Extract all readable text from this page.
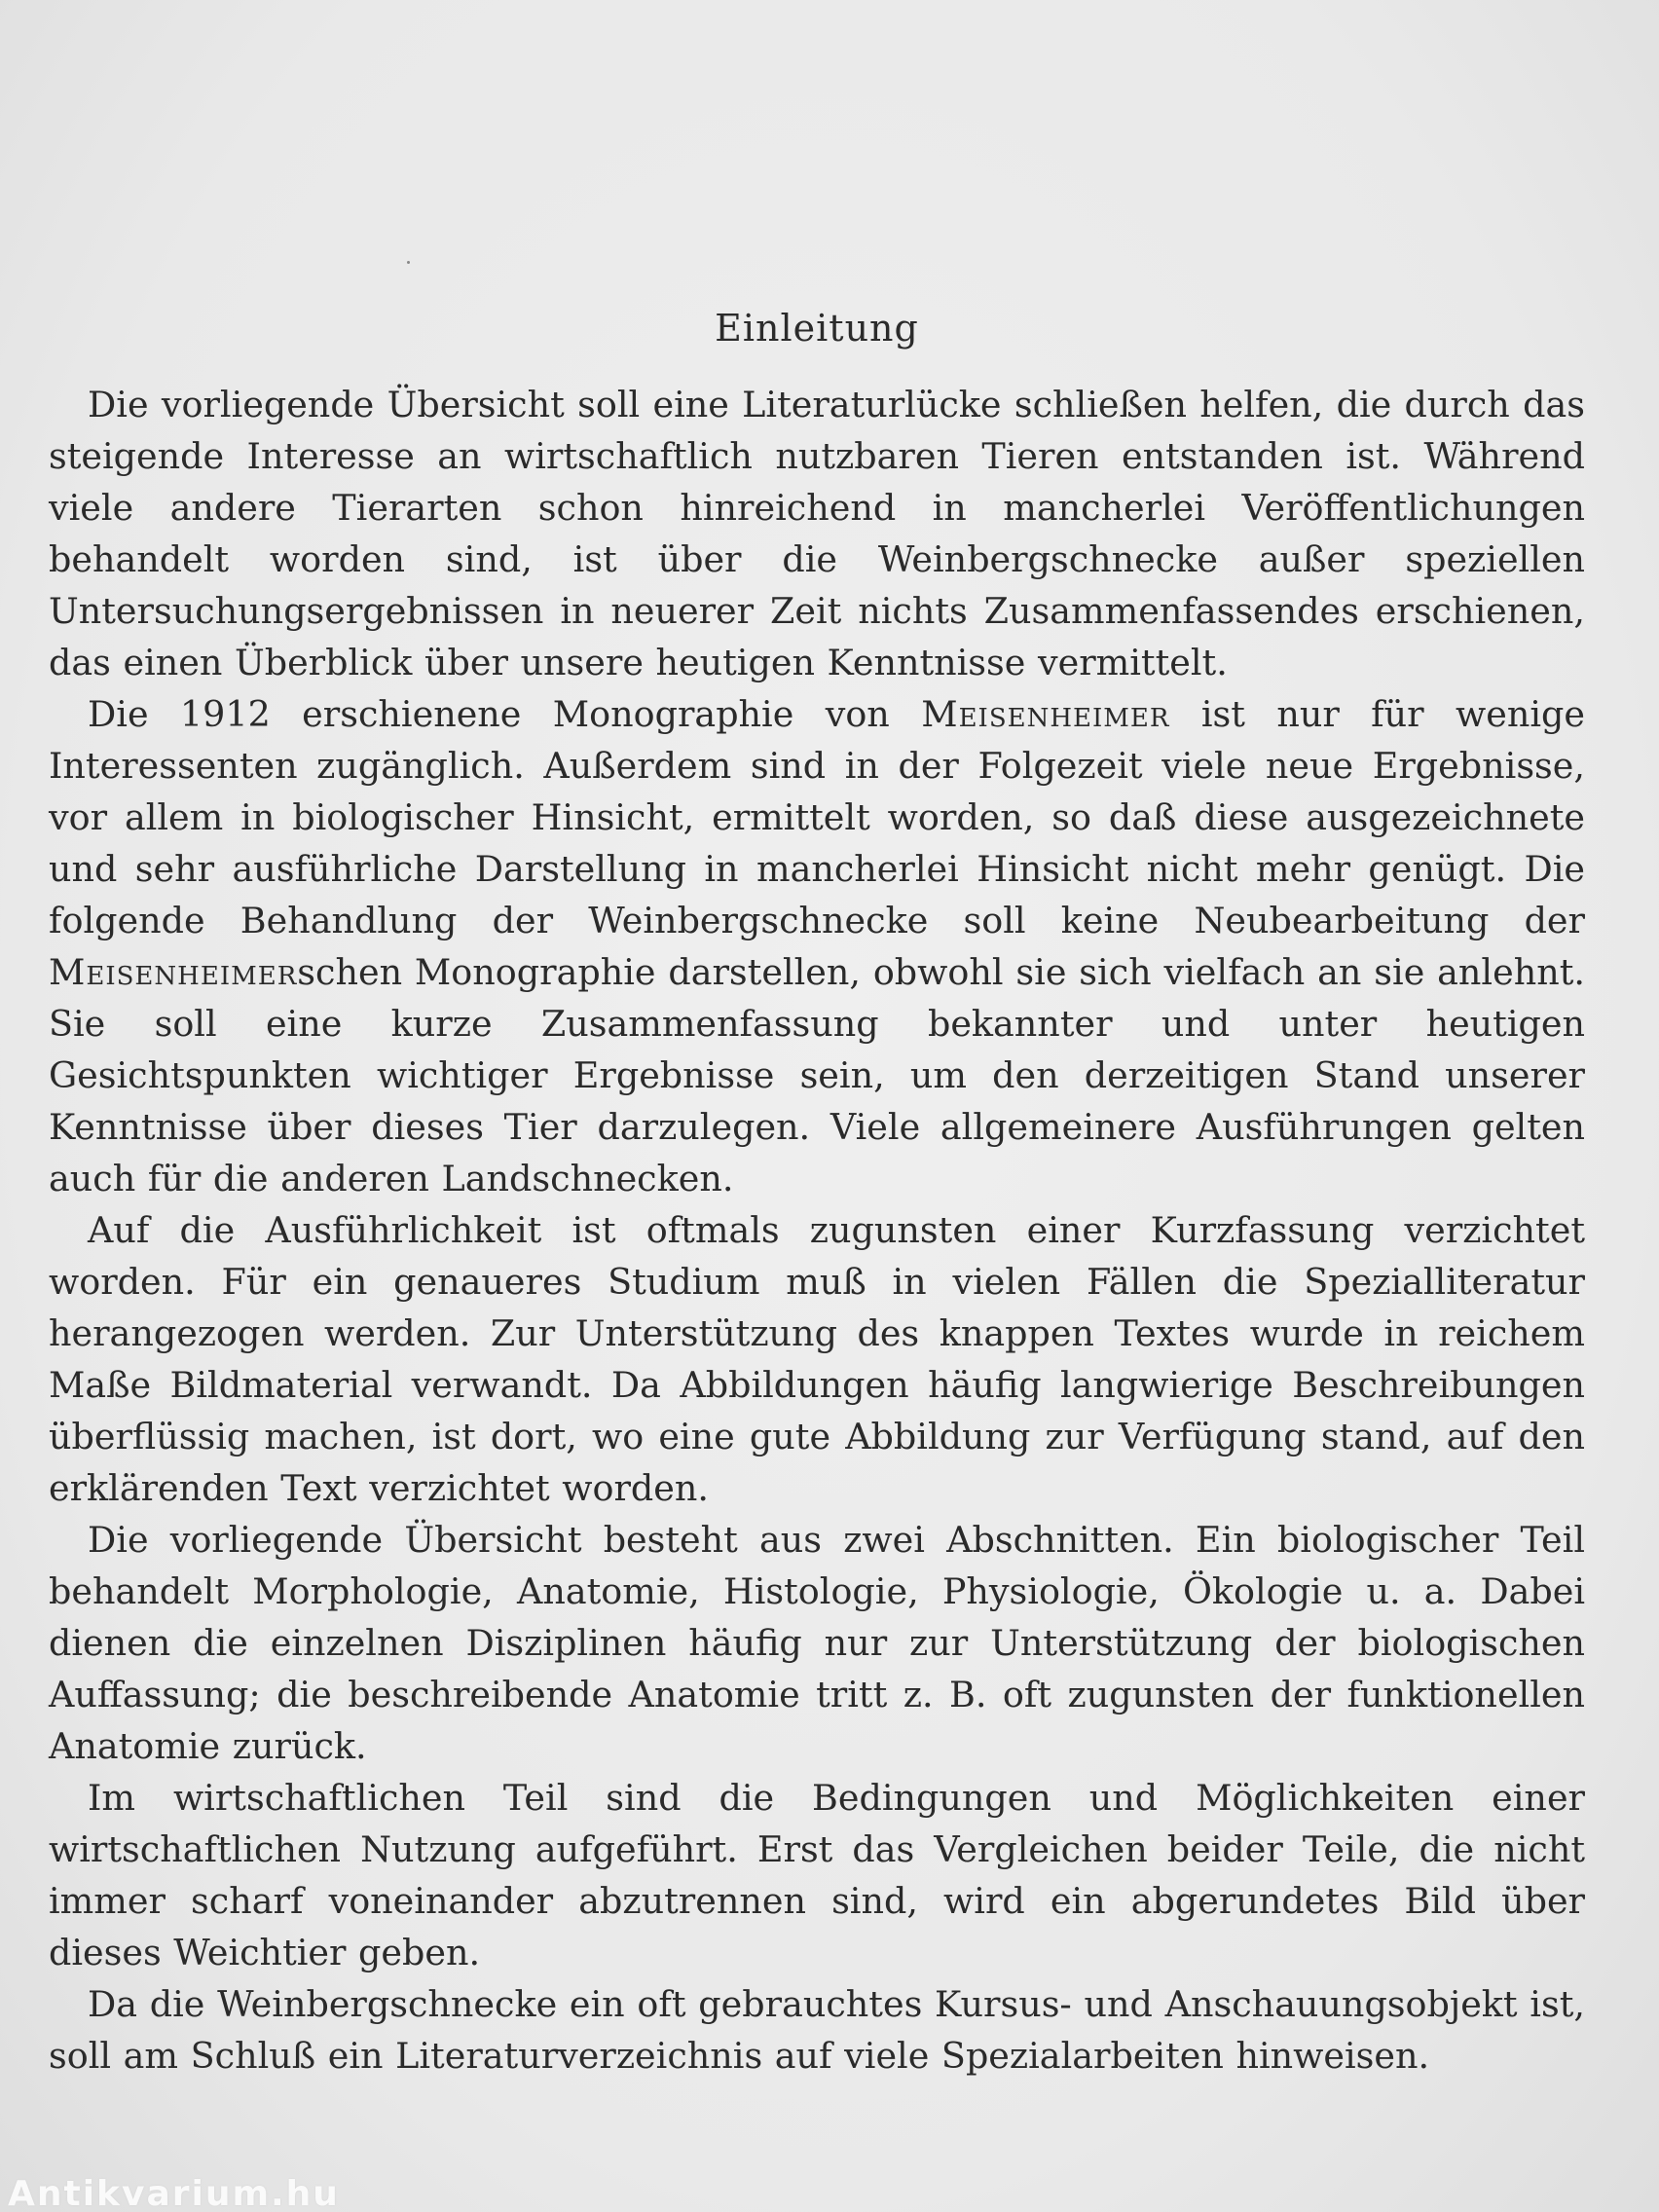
Einleitung

Die vorliegende Übersicht soll eine Literaturlücke schließen helfen, die durch das steigende Interesse an wirtschaftlich nutzbaren Tieren entstanden ist. Während viele andere Tierarten schon hinreichend in mancherlei Veröffentlichungen behandelt worden sind, ist über die Weinbergschnecke außer speziellen Untersuchungsergebnissen in neuerer Zeit nichts Zusammenfassendes erschienen, das einen Überblick über unsere heutigen Kenntnisse vermittelt.

Die 1912 erschienene Monographie von Meisenheimer ist nur für wenige Interessenten zugänglich. Außerdem sind in der Folgezeit viele neue Ergebnisse, vor allem in biologischer Hinsicht, ermittelt worden, so daß diese ausgezeichnete und sehr ausführliche Darstellung in mancherlei Hinsicht nicht mehr genügt. Die folgende Behandlung der Weinbergschnecke soll keine Neubearbeitung der Meisenheimerschen Monographie darstellen, obwohl sie sich vielfach an sie anlehnt. Sie soll eine kurze Zusammenfassung bekannter und unter heutigen Gesichtspunkten wichtiger Ergebnisse sein, um den derzeitigen Stand unserer Kenntnisse über dieses Tier darzulegen. Viele allgemeinere Ausführungen gelten auch für die anderen Landschnecken.

Auf die Ausführlichkeit ist oftmals zugunsten einer Kurzfassung verzichtet worden. Für ein genaueres Studium muß in vielen Fällen die Spezialliteratur herangezogen werden. Zur Unterstützung des knappen Textes wurde in reichem Maße Bildmaterial verwandt. Da Abbildungen häufig langwierige Beschreibungen überflüssig machen, ist dort, wo eine gute Abbildung zur Verfügung stand, auf den erklärenden Text verzichtet worden.

Die vorliegende Übersicht besteht aus zwei Abschnitten. Ein biologischer Teil behandelt Morphologie, Anatomie, Histologie, Physiologie, Ökologie u. a. Dabei dienen die einzelnen Disziplinen häufig nur zur Unterstützung der biologischen Auffassung; die beschreibende Anatomie tritt z. B. oft zugunsten der funktionellen Anatomie zurück.

Im wirtschaftlichen Teil sind die Bedingungen und Möglichkeiten einer wirtschaftlichen Nutzung aufgeführt. Erst das Vergleichen beider Teile, die nicht immer scharf voneinander abzutrennen sind, wird ein abgerundetes Bild über dieses Weichtier geben.

Da die Weinbergschnecke ein oft gebrauchtes Kursus- und Anschauungsobjekt ist, soll am Schluß ein Literaturverzeichnis auf viele Spezialarbeiten hinweisen.

Antikvarium.hu
